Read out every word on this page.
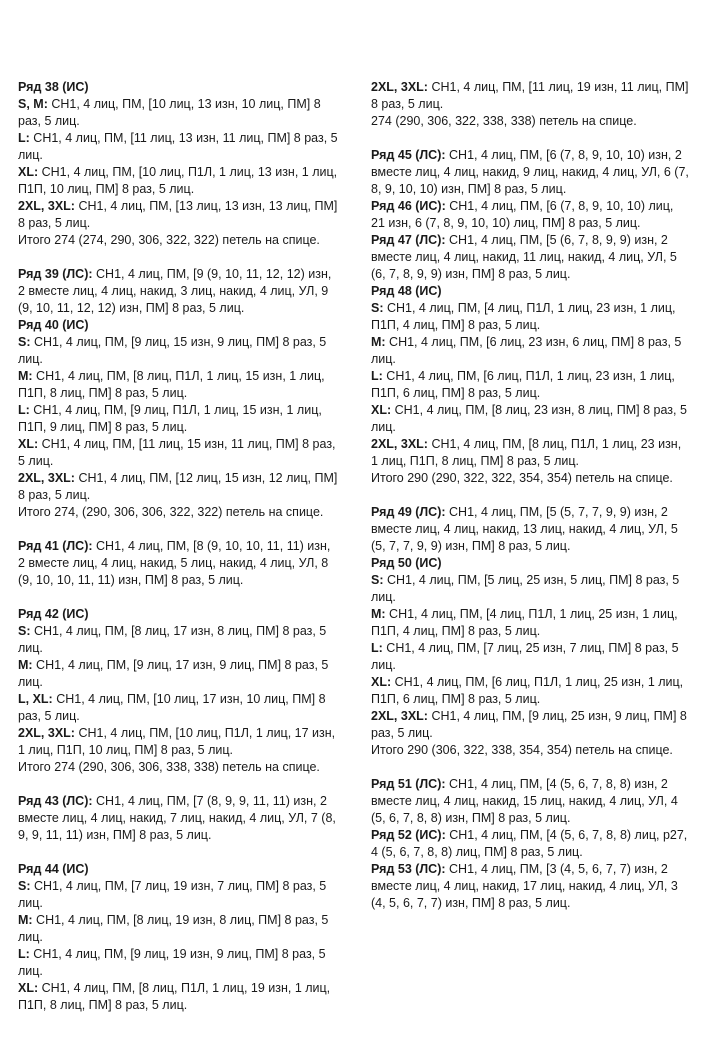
Ряд 38 (ИС)

S, M: СН1, 4 лиц, ПМ, [10 лиц, 13 изн, 10 лиц, ПМ] 8 раз, 5 лиц.

L: СН1, 4 лиц, ПМ, [11 лиц, 13 изн, 11 лиц, ПМ] 8 раз, 5 лиц.

XL: СН1, 4 лиц, ПМ, [10 лиц, П1Л, 1 лиц, 13 изн, 1 лиц, П1П, 10 лиц, ПМ] 8 раз, 5 лиц.

2XL, 3XL: СН1, 4 лиц, ПМ, [13 лиц, 13 изн, 13 лиц, ПМ] 8 раз, 5 лиц.

Итого 274 (274, 290, 306, 322, 322) петель на спице.

Ряд 39 (ЛС): СН1, 4 лиц, ПМ, [9 (9, 10, 11, 12, 12) изн, 2 вместе лиц, 4 лиц, накид, 3 лиц, накид, 4 лиц, УЛ, 9 (9, 10, 11, 12, 12) изн, ПМ] 8 раз, 5 лиц.

Ряд 40 (ИС)

S: СН1, 4 лиц, ПМ, [9 лиц, 15 изн, 9 лиц, ПМ] 8 раз, 5 лиц.

M: СН1, 4 лиц, ПМ, [8 лиц, П1Л, 1 лиц, 15 изн, 1 лиц, П1П, 8 лиц, ПМ] 8 раз, 5 лиц.

L: СН1, 4 лиц, ПМ, [9 лиц, П1Л, 1 лиц, 15 изн, 1 лиц, П1П, 9 лиц, ПМ] 8 раз, 5 лиц.

XL: СН1, 4 лиц, ПМ, [11 лиц, 15 изн, 11 лиц, ПМ] 8 раз, 5 лиц.

2XL, 3XL: СН1, 4 лиц, ПМ, [12 лиц, 15 изн, 12 лиц, ПМ] 8 раз, 5 лиц.

Итого 274, (290, 306, 306, 322, 322) петель на спице.

Ряд 41 (ЛС): СН1, 4 лиц, ПМ, [8 (9, 10, 10, 11, 11) изн, 2 вместе лиц, 4 лиц, накид, 5 лиц, накид, 4 лиц, УЛ, 8 (9, 10, 10, 11, 11) изн, ПМ] 8 раз, 5 лиц.

Ряд 42 (ИС)

S: СН1, 4 лиц, ПМ, [8 лиц, 17 изн, 8 лиц, ПМ] 8 раз, 5 лиц.

M: СН1, 4 лиц, ПМ, [9 лиц, 17 изн, 9 лиц, ПМ] 8 раз, 5 лиц.

L, XL: СН1, 4 лиц, ПМ, [10 лиц, 17 изн, 10 лиц, ПМ] 8 раз, 5 лиц.

2XL, 3XL: СН1, 4 лиц, ПМ, [10 лиц, П1Л, 1 лиц, 17 изн, 1 лиц, П1П, 10 лиц, ПМ] 8 раз, 5 лиц.

Итого 274 (290, 306, 306, 338, 338) петель на спице.

Ряд 43 (ЛС): СН1, 4 лиц, ПМ, [7 (8, 9, 9, 11, 11) изн, 2 вместе лиц, 4 лиц, накид, 7 лиц, накид, 4 лиц, УЛ, 7 (8, 9, 9, 11, 11) изн, ПМ] 8 раз, 5 лиц.

Ряд 44 (ИС)

S: СН1, 4 лиц, ПМ, [7 лиц, 19 изн, 7 лиц, ПМ] 8 раз, 5 лиц.

M: СН1, 4 лиц, ПМ, [8 лиц, 19 изн, 8 лиц, ПМ] 8 раз, 5 лиц.

L: СН1, 4 лиц, ПМ, [9 лиц, 19 изн, 9 лиц, ПМ] 8 раз, 5 лиц.

XL: СН1, 4 лиц, ПМ, [8 лиц, П1Л, 1 лиц, 19 изн, 1 лиц, П1П, 8 лиц, ПМ] 8 раз, 5 лиц.

2XL, 3XL: СН1, 4 лиц, ПМ, [11 лиц, 19 изн, 11 лиц, ПМ] 8 раз, 5 лиц.

274 (290, 306, 322, 338, 338) петель на спице.

Ряд 45 (ЛС): СН1, 4 лиц, ПМ, [6 (7, 8, 9, 10, 10) изн, 2 вместе лиц, 4 лиц, накид, 9 лиц, накид, 4 лиц, УЛ, 6 (7, 8, 9, 10, 10) изн, ПМ] 8 раз, 5 лиц.

Ряд 46 (ИС): СН1, 4 лиц, ПМ, [6 (7, 8, 9, 10, 10) лиц, 21 изн, 6 (7, 8, 9, 10, 10) лиц, ПМ] 8 раз, 5 лиц.

Ряд 47 (ЛС): СН1, 4 лиц, ПМ, [5 (6, 7, 8, 9, 9) изн, 2 вместе лиц, 4 лиц, накид, 11 лиц, накид, 4 лиц, УЛ, 5 (6, 7, 8, 9, 9) изн, ПМ] 8 раз, 5 лиц.

Ряд 48 (ИС)

S: СН1, 4 лиц, ПМ, [4 лиц, П1Л, 1 лиц, 23 изн, 1 лиц, П1П, 4 лиц, ПМ] 8 раз, 5 лиц.

M: СН1, 4 лиц, ПМ, [6 лиц, 23 изн, 6 лиц, ПМ] 8 раз, 5 лиц.

L: СН1, 4 лиц, ПМ, [6 лиц, П1Л, 1 лиц, 23 изн, 1 лиц, П1П, 6 лиц, ПМ] 8 раз, 5 лиц.

XL: СН1, 4 лиц, ПМ, [8 лиц, 23 изн, 8 лиц, ПМ] 8 раз, 5 лиц.

2XL, 3XL: СН1, 4 лиц, ПМ, [8 лиц, П1Л, 1 лиц, 23 изн, 1 лиц, П1П, 8 лиц, ПМ] 8 раз, 5 лиц.

Итого 290 (290, 322, 322, 354, 354) петель на спице.

Ряд 49 (ЛС): СН1, 4 лиц, ПМ, [5 (5, 7, 7, 9, 9) изн, 2 вместе лиц, 4 лиц, накид, 13 лиц, накид, 4 лиц, УЛ, 5 (5, 7, 7, 9, 9) изн, ПМ] 8 раз, 5 лиц.

Ряд 50 (ИС)

S: СН1, 4 лиц, ПМ, [5 лиц, 25 изн, 5 лиц, ПМ] 8 раз, 5 лиц.

M: СН1, 4 лиц, ПМ, [4 лиц, П1Л, 1 лиц, 25 изн, 1 лиц, П1П, 4 лиц, ПМ] 8 раз, 5 лиц.

L: СН1, 4 лиц, ПМ, [7 лиц, 25 изн, 7 лиц, ПМ] 8 раз, 5 лиц.

XL: СН1, 4 лиц, ПМ, [6 лиц, П1Л, 1 лиц, 25 изн, 1 лиц, П1П, 6 лиц, ПМ] 8 раз, 5 лиц.

2XL, 3XL: СН1, 4 лиц, ПМ, [9 лиц, 25 изн, 9 лиц, ПМ] 8 раз, 5 лиц.

Итого 290 (306, 322, 338, 354, 354) петель на спице.

Ряд 51 (ЛС): СН1, 4 лиц, ПМ, [4 (5, 6, 7, 8, 8) изн, 2 вместе лиц, 4 лиц, накид, 15 лиц, накид, 4 лиц, УЛ, 4 (5, 6, 7, 8, 8) изн, ПМ] 8 раз, 5 лиц.

Ряд 52 (ИС): СН1, 4 лиц, ПМ, [4 (5, 6, 7, 8, 8) лиц, р27, 4 (5, 6, 7, 8, 8) лиц, ПМ] 8 раз, 5 лиц.

Ряд 53 (ЛС): СН1, 4 лиц, ПМ, [3 (4, 5, 6, 7, 7) изн, 2 вместе лиц, 4 лиц, накид, 17 лиц, накид, 4 лиц, УЛ, 3 (4, 5, 6, 7, 7) изн, ПМ] 8 раз, 5 лиц.
